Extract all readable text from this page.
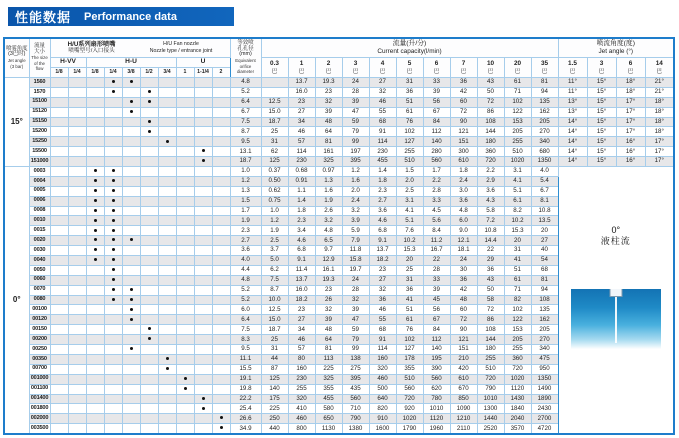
性能数据 Performance data
喷雾角度
(3巴时)
Jet angle
(3 bar)

流量
大小
The size
of the
flow

H/U系列扇形喷嘴
喷嘴型号/入口接头
H/U Fan nozzle
Nozzle type / entrance joint

等效喷
孔孔径
(mm)
Equivalent
orifice
diameter

流量(升/分)
Current capacity(l/min)

喷流角度(度)
Jet angle (°)

H-VV	H-U	U	0.3
巴

1
巴

2
巴

3
巴

4
巴

5
巴

6
巴

7
巴

10
巴

20
巴

35
巴

1.5
巴

3
巴

6
巴

14
巴

		1/8	1/4	1/8	1/4	3/8	1/2	3/4	1	1-1/4	2																
15°	1560											4.8		13.7	19.3	24	27	31	33	36	43	61	81	11°	15°	18°	21°
	1570											5.2		16.0	23	28	32	36	39	42	50	71	94	11°	15°	18°	21°
	15100											6.4	12.5	23	32	39	46	51	56	60	72	102	135	13°	15°	17°	18°
	15120											6.7	15.0	27	39	47	55	61	67	72	86	122	162	13°	15°	17°	18°
	15150											7.5	18.7	34	48	59	68	76	84	90	108	153	205	14°	15°	17°	18°
	15200											8.7	25	46	64	79	91	102	112	121	144	205	270	14°	15°	17°	18°
	15250											9.5	31	57	81	99	114	127	140	151	180	255	340	14°	15°	16°	17°
	15500											13.1	62	114	161	197	230	255	280	300	360	510	680	14°	15°	16°	17°
	151000											18.7	125	230	325	395	455	510	560	610	720	1020	1350	14°	15°	16°	17°
0°	0003											1.0	0.37	0.68	0.97	1.2	1.4	1.5	1.7	1.8	2.2	3.1	4.0	0°
液柱流			

	0004											1.2	0.50	0.91	1.3	1.6	1.8	2.0	2.2	2.4	2.9	4.1	5.4				
	0005											1.3	0.62	1.1	1.6	2.0	2.3	2.5	2.8	3.0	3.6	5.1	6.7				
	0006											1.5	0.75	1.4	1.9	2.4	2.7	3.1	3.3	3.6	4.3	6.1	8.1				
	0008											1.7	1.0	1.8	2.6	3.2	3.6	4.1	4.5	4.8	5.8	8.2	10.8				
	0010											1.9	1.2	2.3	3.2	3.9	4.6	5.1	5.6	6.0	7.2	10.2	13.5				
	0015											2.3	1.9	3.4	4.8	5.9	6.8	7.6	8.4	9.0	10.8	15.3	20				
	0020											2.7	2.5	4.6	6.5	7.9	9.1	10.2	11.2	12.1	14.4	20	27				
	0030											3.6	3.7	6.8	9.7	11.8	13.7	15.3	16.7	18.1	22	31	40				
	0040											4.0	5.0	9.1	12.9	15.8	18.2	20	22	24	29	41	54				
	0050											4.4	6.2	11.4	16.1	19.7	23	25	28	30	36	51	68				
	0060											4.8	7.5	13.7	19.3	24	27	31	33	36	43	61	81				
	0070											5.2	8.7	16.0	23	28	32	36	39	42	50	71	94				
	0080											5.2	10.0	18.2	26	32	36	41	45	48	58	82	108				
	00100											6.0	12.5	23	32	39	46	51	56	60	72	102	135				
	00120											6.4	15.0	27	39	47	55	61	67	72	86	122	162				
	00150											7.5	18.7	34	48	59	68	76	84	90	108	153	205				
	00200											8.3	25	46	64	79	91	102	112	121	144	205	270				
	00250											9.5	31	57	81	99	114	127	140	151	180	255	340				
	00350											11.1	44	80	113	138	160	178	195	210	255	360	475				
	00700											15.5	87	160	225	275	320	355	390	420	510	720	950				
	001000											19.1	125	230	325	395	460	510	560	610	720	1020	1350				
	001100											19.8	140	255	355	435	500	560	620	670	790	1120	1490				
	001400											22.2	175	320	455	560	640	720	780	850	1010	1430	1890				
	001800											25.4	225	410	580	710	820	920	1010	1090	1300	1840	2430				
	002000											26.6	250	460	650	790	910	1020	1120	1210	1440	2040	2700				
	003500											34.9	440	800	1130	1380	1600	1790	1960	2110	2520	3570	4720				
